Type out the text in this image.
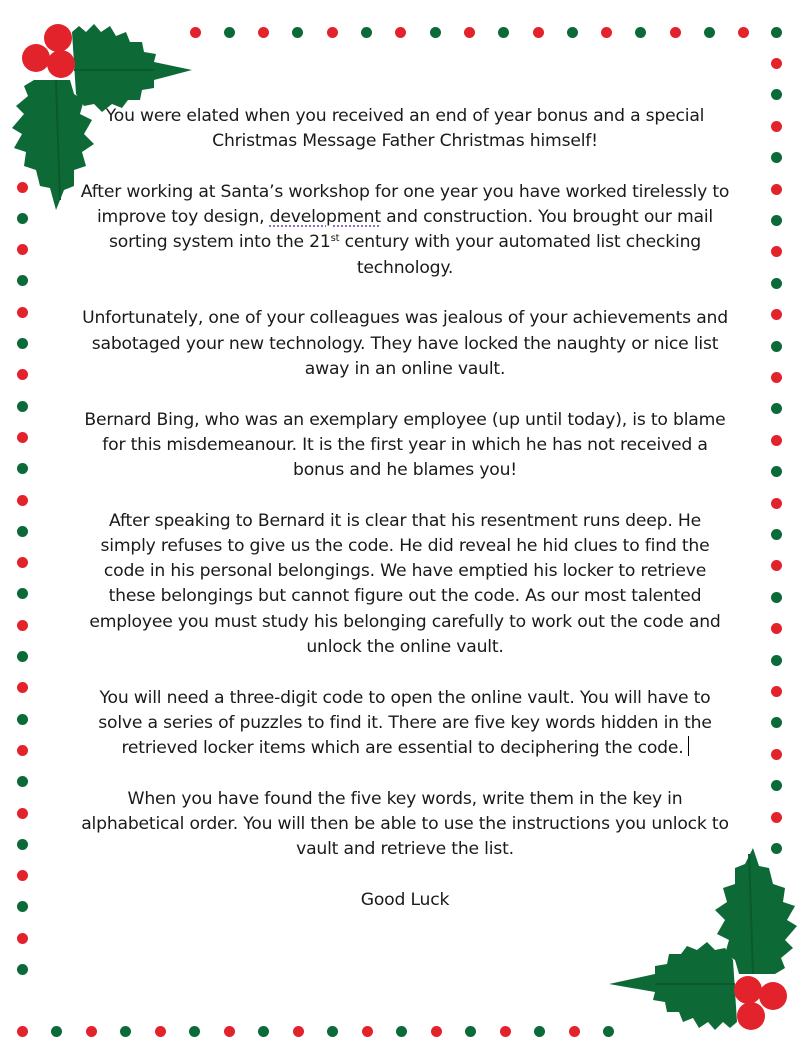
You were elated when you received an end of year bonus and a special Christmas Message Father Christmas himself!

After working at Santa’s workshop for one year you have worked tirelessly to improve toy design, development and construction. You brought our mail sorting system into the 21st century with your automated list checking technology.

Unfortunately, one of your colleagues was jealous of your achievements and sabotaged your new technology. They have locked the naughty or nice list away in an online vault.

Bernard Bing, who was an exemplary employee (up until today), is to blame for this misdemeanour. It is the first year in which he has not received a bonus and he blames you!

After speaking to Bernard it is clear that his resentment runs deep. He simply refuses to give us the code. He did reveal he hid clues to find the code in his personal belongings. We have emptied his locker to retrieve these belongings but cannot figure out the code. As our most talented employee you must study his belonging carefully to work out the code and unlock the online vault.

You will need a three-digit code to open the online vault. You will have to solve a series of puzzles to find it. There are five key words hidden in the retrieved locker items which are essential to deciphering the code.

When you have found the five key words, write them in the key in alphabetical order. You will then be able to use the instructions you unlock to vault and retrieve the list.

Good Luck
